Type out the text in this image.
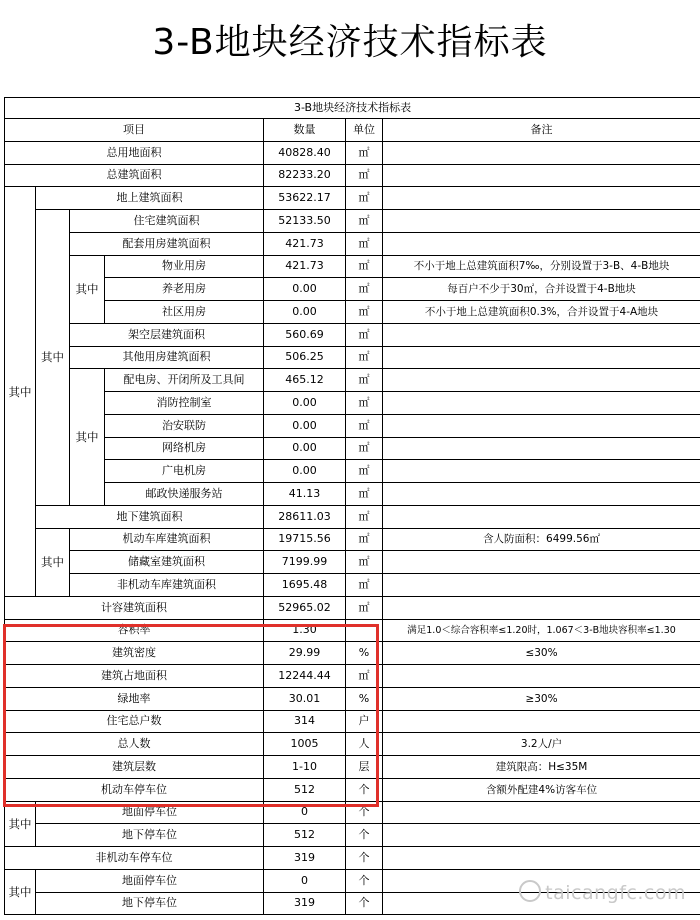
3-B地块经济技术指标表
3-B地块经济技术指标表						
项目				数量	单位	备注
总用地面积				40828.40	㎡	
总建筑面积				82233.20	㎡	
其中	地上建筑面积			53622.17	㎡	
	其中	住宅建筑面积		52133.50	㎡	
		配套用房建筑面积		421.73	㎡	
		其中	物业用房	421.73	㎡	不小于地上总建筑面积7‰，分别设置于3-B、4-B地块
			养老用房	0.00	㎡	每百户不少于30㎡，合并设置于4-B地块
			社区用房	0.00	㎡	不小于地上总建筑面积0.3%，合并设置于4-A地块
		架空层建筑面积		560.69	㎡	
		其他用房建筑面积		506.25	㎡	
		其中	配电房、开闭所及工具间	465.12	㎡	
			消防控制室	0.00	㎡	
			治安联防	0.00	㎡	
			网络机房	0.00	㎡	
			广电机房	0.00	㎡	
			邮政快递服务站	41.13	㎡	
	地下建筑面积			28611.03	㎡	
	其中	机动车库建筑面积		19715.56	㎡	含人防面积：6499.56㎡
		储藏室建筑面积		7199.99	㎡	
		非机动车库建筑面积		1695.48	㎡	
计容建筑面积				52965.02	㎡	
容积率				1.30		满足1.0＜综合容积率≤1.20时，1.067＜3-B地块容积率≤1.30
建筑密度				29.99	%	≤30%
建筑占地面积				12244.44	㎡	
绿地率				30.01	%	≥30%
住宅总户数				314	户	
总人数				1005	人	3.2人/户
建筑层数				1-10	层	建筑限高：H≤35M
机动车停车位				512	个	含额外配建4%访客车位
其中	地面停车位			0	个	
	地下停车位			512	个	
非机动车停车位				319	个	
其中	地面停车位			0	个	
	地下停车位			319	个		taicangfc.com
